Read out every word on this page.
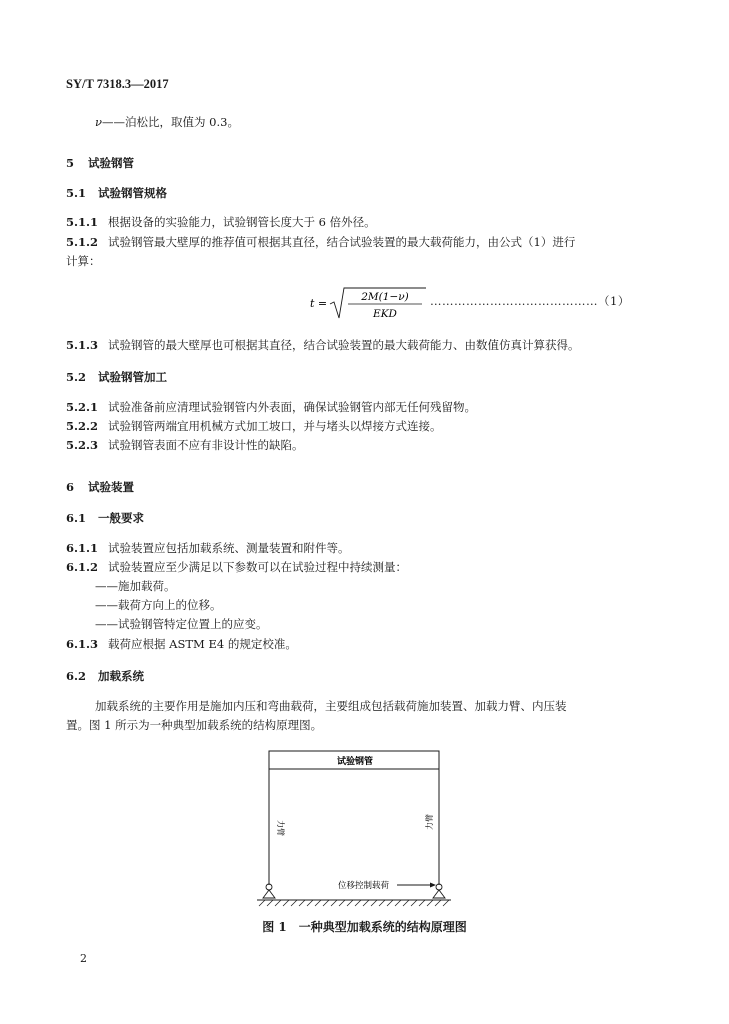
SY/T 7318.3—2017
ν——泊松比，取值为 0.3。
5 试验钢管
5.1 试验钢管规格
5.1.1 根据设备的实验能力，试验钢管长度大于 6 倍外径。
5.1.2 试验钢管最大壁厚的推荐值可根据其直径，结合试验装置的最大载荷能力，由公式（1）进行
计算：
t =	2M(1−ν)
EKD
……………………………………（1）
5.1.3 试验钢管的最大壁厚也可根据其直径，结合试验装置的最大载荷能力、由数值仿真计算获得。
5.2 试验钢管加工
5.2.1 试验准备前应清理试验钢管内外表面，确保试验钢管内部无任何残留物。
5.2.2 试验钢管两端宜用机械方式加工坡口，并与堵头以焊接方式连接。
5.2.3 试验钢管表面不应有非设计性的缺陷。
6 试验装置
6.1 一般要求
6.1.1 试验装置应包括加载系统、测量装置和附件等。
6.1.2 试验装置应至少满足以下参数可以在试验过程中持续测量：
——施加载荷。
——载荷方向上的位移。
——试验钢管特定位置上的应变。
6.1.3 载荷应根据 ASTM E4 的规定校准。
6.2 加载系统
加载系统的主要作用是施加内压和弯曲载荷，主要组成包括载荷施加装置、加载力臂、内压装
置。图 1 所示为一种典型加载系统的结构原理图。
试验钢管
力臂	力臂
位移控制载荷
图 1　一种典型加载系统的结构原理图
2
